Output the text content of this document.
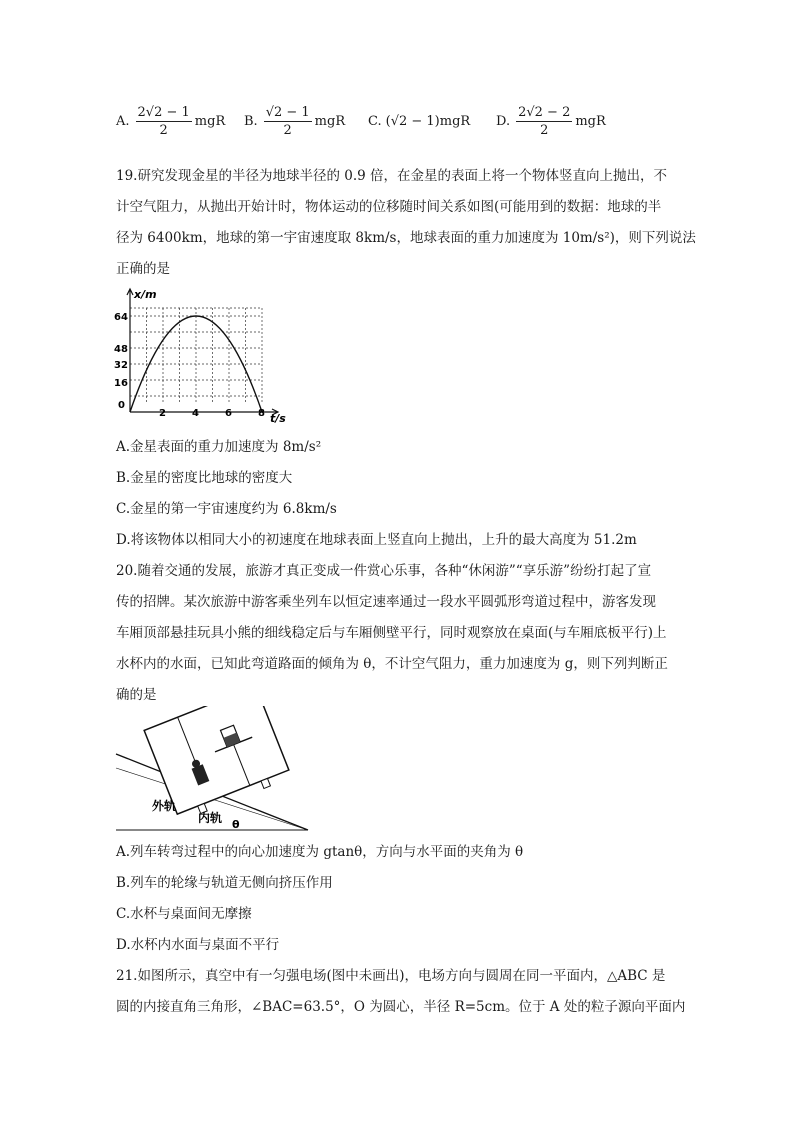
A. $\frac{2√2 - 1}{2}$ mgR B. $\frac{√2 - 1}{2}$ mgR C. (√2 − 1)mgR D. $\frac{2√2 - 2}{2}$ mgR
19.研究发现金星的半径为地球半径的 0.9 倍，在金星的表面上将一个物体竖直向上抛出，不
计空气阻力，从抛出开始计时，物体运动的位移随时间关系如图(可能用到的数据：地球的半
径为 6400km，地球的第一宇宙速度取 8km/s，地球表面的重力加速度为 10m/s²)，则下列说法
正确的是
x/m
t/s
64
48
32
16
0
2	4	6	8
A.金星表面的重力加速度为 8m/s²
B.金星的密度比地球的密度大
C.金星的第一宇宙速度约为 6.8km/s
D.将该物体以相同大小的初速度在地球表面上竖直向上抛出，上升的最大高度为 51.2m
20.随着交通的发展，旅游才真正变成一件赏心乐事，各种“休闲游”“享乐游”纷纷打起了宣
传的招牌。某次旅游中游客乘坐列车以恒定速率通过一段水平圆弧形弯道过程中，游客发现
车厢顶部悬挂玩具小熊的细线稳定后与车厢侧壁平行，同时观察放在桌面(与车厢底板平行)上
水杯内的水面，已知此弯道路面的倾角为 θ，不计空气阻力，重力加速度为 g，则下列判断正
确的是
外轨
内轨 θ
A.列车转弯过程中的向心加速度为 gtanθ，方向与水平面的夹角为 θ
B.列车的轮缘与轨道无侧向挤压作用
C.水杯与桌面间无摩擦
D.水杯内水面与桌面不平行
21.如图所示，真空中有一匀强电场(图中未画出)，电场方向与圆周在同一平面内，△ABC 是
圆的内接直角三角形，∠BAC=63.5°，O 为圆心，半径 R=5cm。位于 A 处的粒子源向平面内
